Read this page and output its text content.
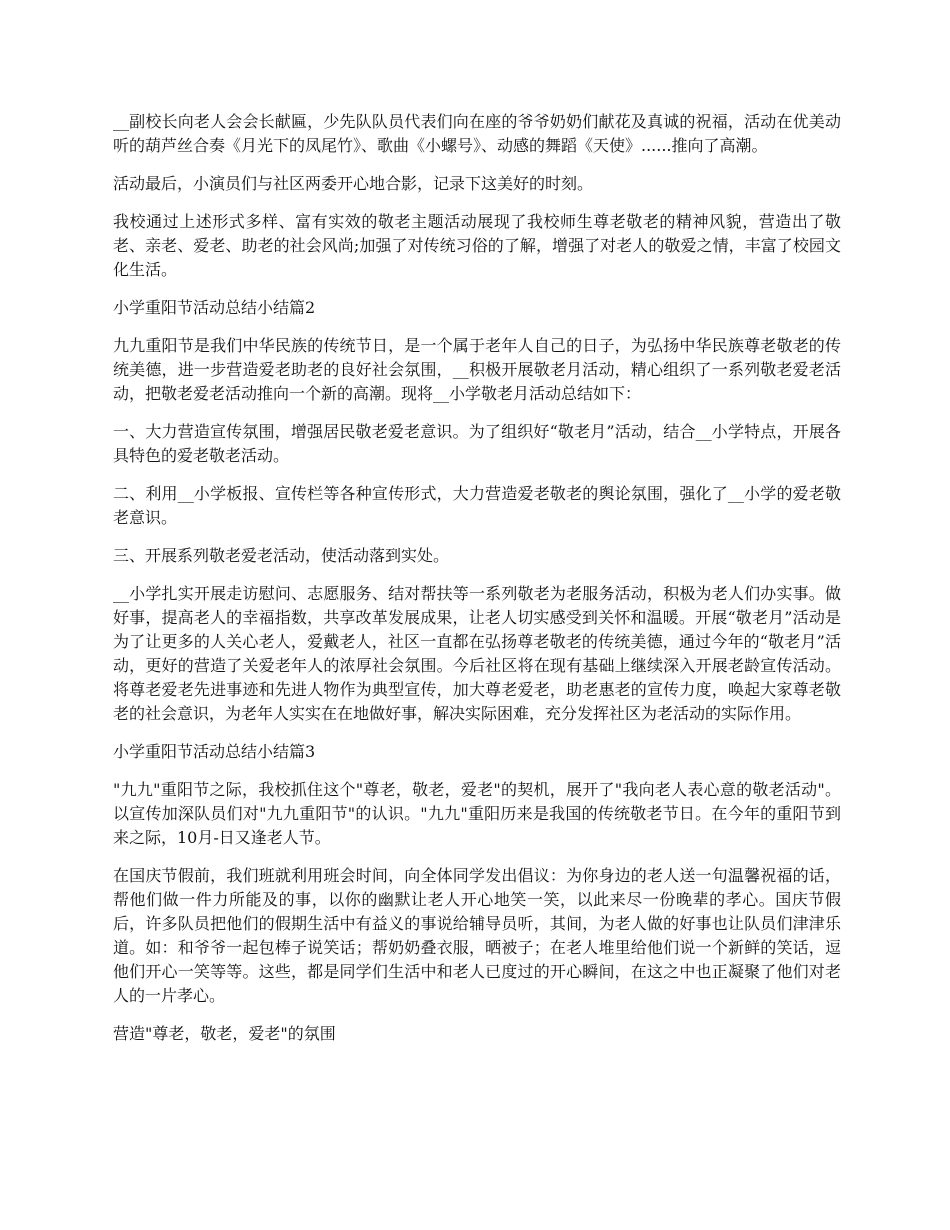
__副校长向老人会会长献匾，少先队队员代表们向在座的爷爷奶奶们献花及真诚的祝福，活动在优美动听的葫芦丝合奏《月光下的凤尾竹》、歌曲《小螺号》、动感的舞蹈《天使》......推向了高潮。

活动最后，小演员们与社区两委开心地合影，记录下这美好的时刻。

我校通过上述形式多样、富有实效的敬老主题活动展现了我校师生尊老敬老的精神风貌，营造出了敬老、亲老、爱老、助老的社会风尚;加强了对传统习俗的了解，增强了对老人的敬爱之情，丰富了校园文化生活。

小学重阳节活动总结小结篇2

九九重阳节是我们中华民族的传统节日，是一个属于老年人自己的日子，为弘扬中华民族尊老敬老的传统美德，进一步营造爱老助老的良好社会氛围，__积极开展敬老月活动，精心组织了一系列敬老爱老活动，把敬老爱老活动推向一个新的高潮。现将__小学敬老月活动总结如下：

一、大力营造宣传氛围，增强居民敬老爱老意识。为了组织好“敬老月”活动，结合__小学特点，开展各具特色的爱老敬老活动。

二、利用__小学板报、宣传栏等各种宣传形式，大力营造爱老敬老的舆论氛围，强化了__小学的爱老敬老意识。

三、开展系列敬老爱老活动，使活动落到实处。

__小学扎实开展走访慰问、志愿服务、结对帮扶等一系列敬老为老服务活动，积极为老人们办实事。做好事，提高老人的幸福指数，共享改革发展成果，让老人切实感受到关怀和温暖。开展“敬老月”活动是为了让更多的人关心老人，爱戴老人，社区一直都在弘扬尊老敬老的传统美德，通过今年的“敬老月”活动，更好的营造了关爱老年人的浓厚社会氛围。今后社区将在现有基础上继续深入开展老龄宣传活动。将尊老爱老先进事迹和先进人物作为典型宣传，加大尊老爱老，助老惠老的宣传力度，唤起大家尊老敬老的社会意识，为老年人实实在在地做好事，解决实际困难，充分发挥社区为老活动的实际作用。

小学重阳节活动总结小结篇3

"九九"重阳节之际，我校抓住这个"尊老，敬老，爱老"的契机，展开了"我向老人表心意的敬老活动"。以宣传加深队员们对"九九重阳节"的认识。"九九"重阳历来是我国的传统敬老节日。在今年的重阳节到来之际，10月-日又逢老人节。

在国庆节假前，我们班就利用班会时间，向全体同学发出倡议：为你身边的老人送一句温馨祝福的话，帮他们做一件力所能及的事，以你的幽默让老人开心地笑一笑，以此来尽一份晚辈的孝心。国庆节假后，许多队员把他们的假期生活中有益义的事说给辅导员听，其间，为老人做的好事也让队员们津津乐道。如：和爷爷一起包棒子说笑话；帮奶奶叠衣服，晒被子；在老人堆里给他们说一个新鲜的笑话，逗他们开心一笑等等。这些，都是同学们生活中和老人已度过的开心瞬间，在这之中也正凝聚了他们对老人的一片孝心。

营造"尊老，敬老，爱老"的氛围
